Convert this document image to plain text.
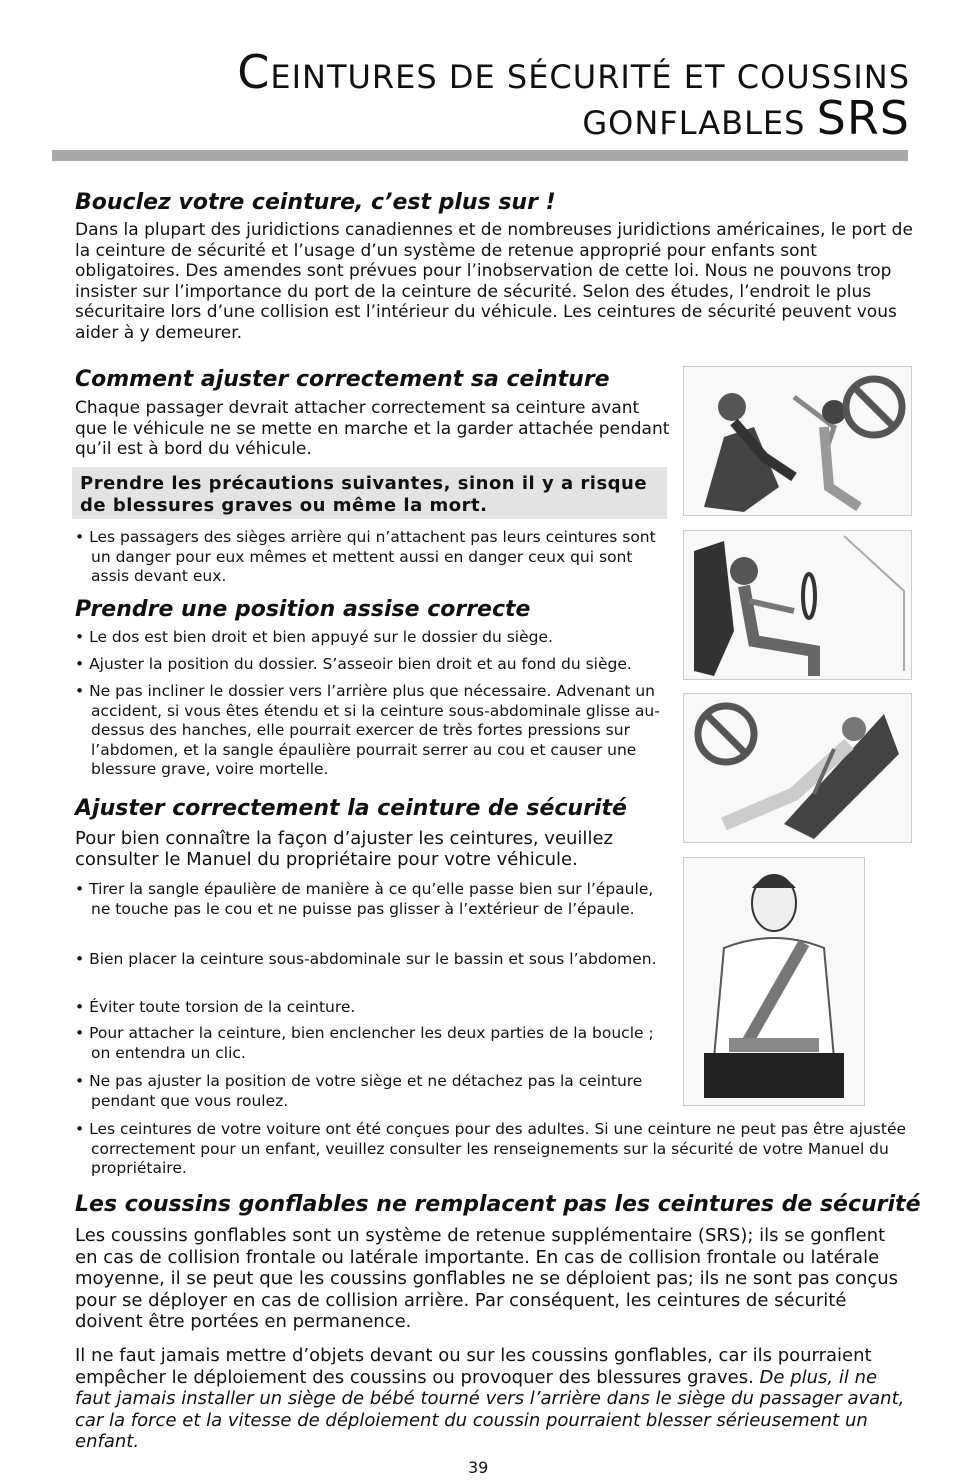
CEINTURES DE SÉCURITÉ ET COUSSINS
GONFLABLES SRS
Bouclez votre ceinture, c’est plus sur !

Dans la plupart des juridictions canadiennes et de nombreuses juridictions américaines, le port de la ceinture de sécurité et l’usage d’un système de retenue approprié pour enfants sont obligatoires. Des amendes sont prévues pour l’inobservation de cette loi. Nous ne pouvons trop insister sur l’importance du port de la ceinture de sécurité. Selon des études, l’endroit le plus sécuritaire lors d’une collision est l’intérieur du véhicule. Les ceintures de sécurité peuvent vous aider à y demeurer.

Comment ajuster correctement sa ceinture

Chaque passager devrait attacher correctement sa ceinture avant que le véhicule ne se mette en marche et la garder attachée pendant qu’il est à bord du véhicule.

Prendre les précautions suivantes, sinon il y a risque de blessures graves ou même la mort.

• Les passagers des sièges arrière qui n’attachent pas leurs ceintures sont un danger pour eux mêmes et mettent aussi en danger ceux qui sont assis devant eux.

Prendre une position assise correcte

• Le dos est bien droit et bien appuyé sur le dossier du siège.

• Ajuster la position du dossier. S’asseoir bien droit et au fond du siège.

• Ne pas incliner le dossier vers l’arrière plus que nécessaire. Advenant un accident, si vous êtes étendu et si la ceinture sous-abdominale glisse au-dessus des hanches, elle pourrait exercer de très fortes pressions sur l’abdomen, et la sangle épaulière pourrait serrer au cou et causer une blessure grave, voire mortelle.

Ajuster correctement la ceinture de sécurité

Pour bien connaître la façon d’ajuster les ceintures, veuillez consulter le Manuel du propriétaire pour votre véhicule.

• Tirer la sangle épaulière de manière à ce qu’elle passe bien sur l’épaule, ne touche pas le cou et ne puisse pas glisser à l’extérieur de l’épaule.

• Bien placer la ceinture sous-abdominale sur le bassin et sous l’abdomen.

• Éviter toute torsion de la ceinture.

• Pour attacher la ceinture, bien enclencher les deux parties de la boucle ; on entendra un clic.

• Ne pas ajuster la position de votre siège et ne détachez pas la ceinture pendant que vous roulez.

• Les ceintures de votre voiture ont été conçues pour des adultes. Si une ceinture ne peut pas être ajustée correctement pour un enfant, veuillez consulter les renseignements sur la sécurité de votre Manuel du propriétaire.

Les coussins gonflables ne remplacent pas les ceintures de sécurité

Les coussins gonflables sont un système de retenue supplémentaire (SRS); ils se gonflent en cas de collision frontale ou latérale importante. En cas de collision frontale ou latérale moyenne, il se peut que les coussins gonflables ne se déploient pas; ils ne sont pas conçus pour se déployer en cas de collision arrière. Par conséquent, les ceintures de sécurité doivent être portées en permanence.

Il ne faut jamais mettre d’objets devant ou sur les coussins gonflables, car ils pourraient empêcher le déploiement des coussins ou provoquer des blessures graves. De plus, il ne faut jamais installer un siège de bébé tourné vers l’arrière dans le siège du passager avant, car la force et la vitesse de déploiement du coussin pourraient blesser sérieusement un enfant.

39
